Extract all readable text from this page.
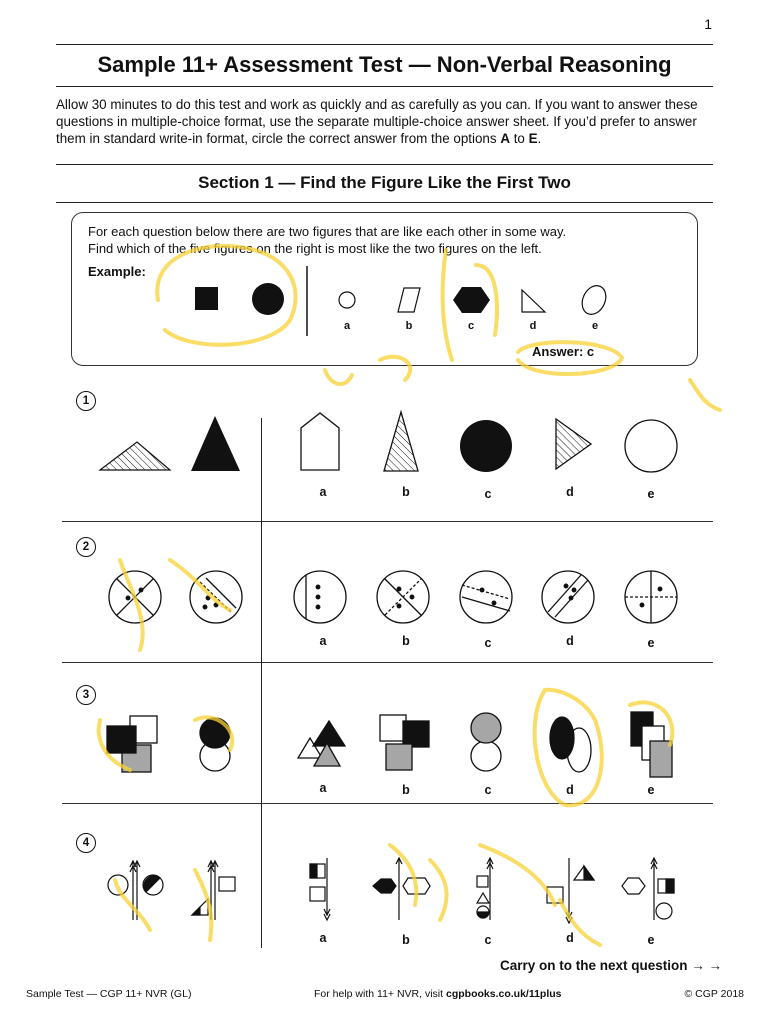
1
Sample 11+ Assessment Test — Non-Verbal Reasoning
Allow 30 minutes to do this test and work as quickly and as carefully as you can. If you want to answer these questions in multiple-choice format, use the separate multiple-choice answer sheet. If you’d prefer to answer them in standard write-in format, circle the correct answer from the options A to E.
Section 1 — Find the Figure Like the First Two
For each question below there are two figures that are like each other in some way.
Find which of the five figures on the right is most like the two figures on the left.
Example:
a	b	c	d	e
Answer: c
1
2
3
4
a	b	c	d	e
a	b	c	d	e
a	b	c	d	e
a	b	c	d	e
Carry on to the next question → →
Sample Test — CGP 11+ NVR (GL)	For help with 11+ NVR, visit cgpbooks.co.uk/11plus	© CGP 2018
